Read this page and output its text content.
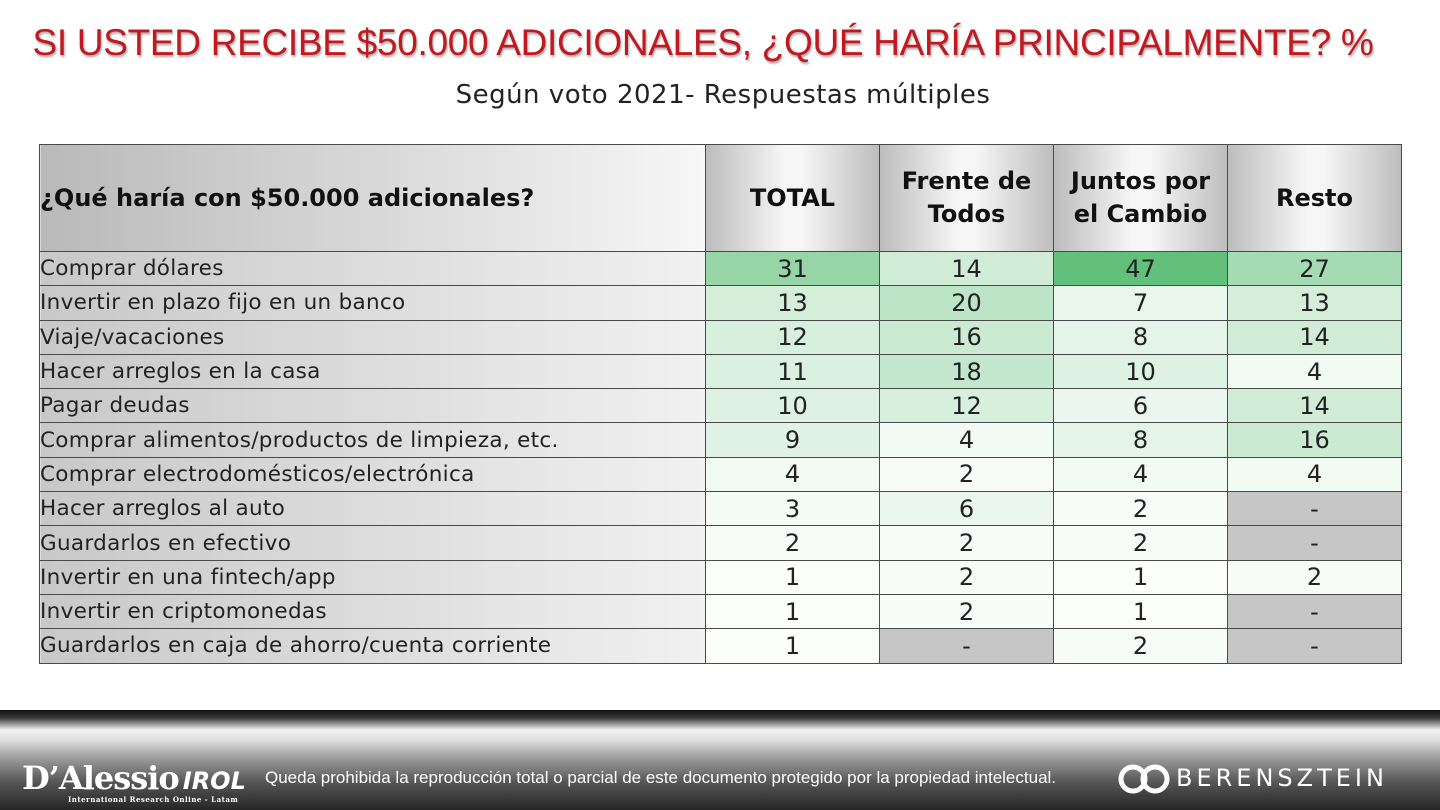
SI USTED RECIBE $50.000 ADICIONALES, ¿QUÉ HARÍA PRINCIPALMENTE? %
Según voto 2021- Respuestas múltiples
¿Qué haría con $50.000 adicionales?	TOTAL	Frente de Todos	Juntos por el Cambio	Resto
Comprar dólares	31	14	47	27
Invertir en plazo fijo en un banco	13	20	7	13
Viaje/vacaciones	12	16	8	14
Hacer arreglos en la casa	11	18	10	4
Pagar deudas	10	12	6	14
Comprar alimentos/productos de limpieza, etc.	9	4	8	16
Comprar electrodomésticos/electrónica	4	2	4	4
Hacer arreglos al auto	3	6	2	-
Guardarlos en efectivo	2	2	2	-
Invertir en una fintech/app	1	2	1	2
Invertir en criptomonedas	1	2	1	-
Guardarlos en caja de ahorro/cuenta corriente	1	-	2	-
D’Alessio IROL
International Research Online - Latam
Queda prohibida la reproducción total o parcial de este documento protegido por la propiedad intelectual.	BERENSZTEIN
